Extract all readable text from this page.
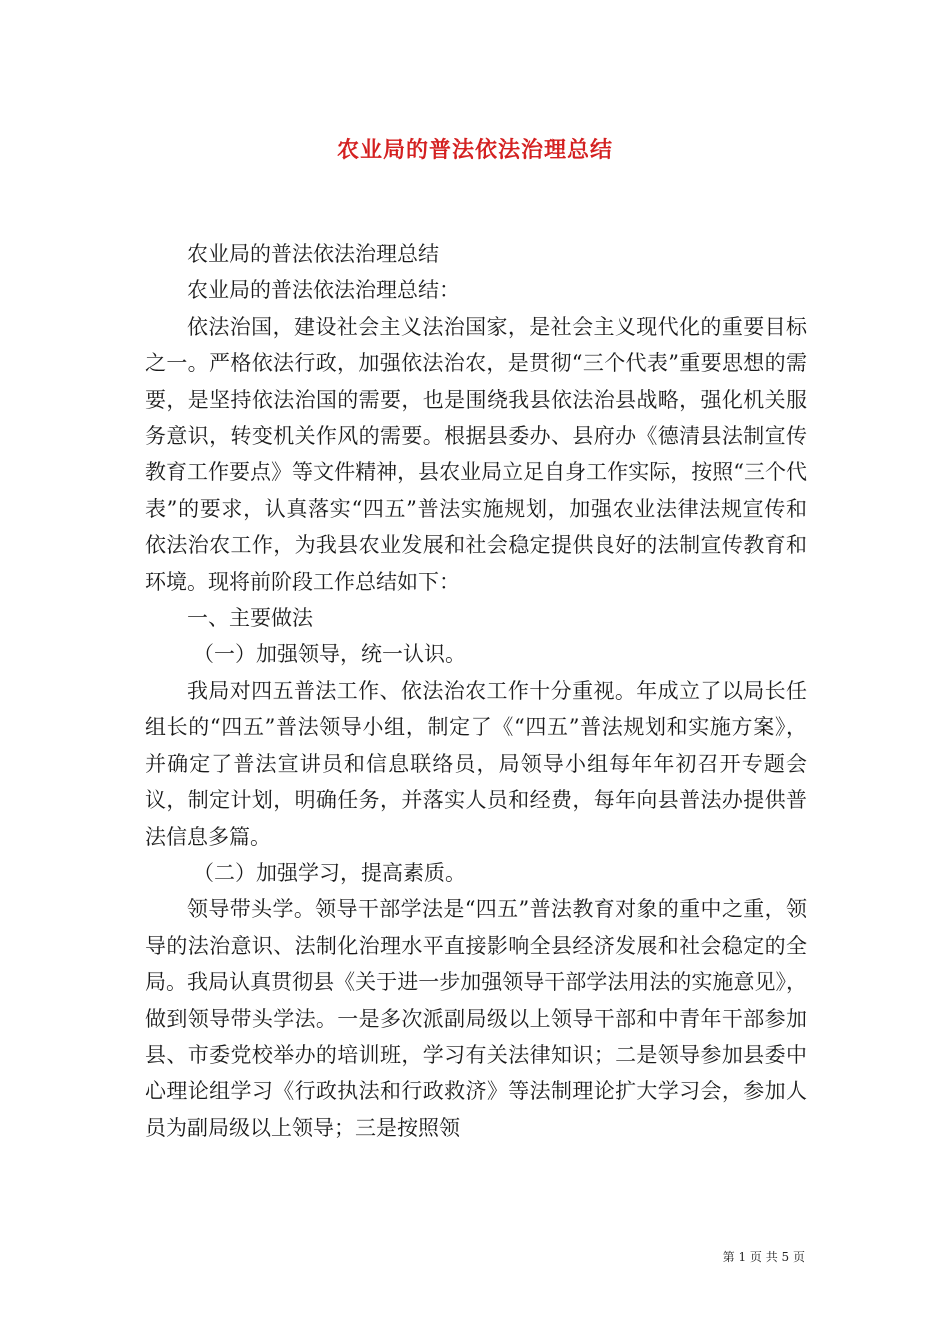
农业局的普法依法治理总结

农业局的普法依法治理总结

农业局的普法依法治理总结：

依法治国，建设社会主义法治国家，是社会主义现代化的重要目标之一。严格依法行政，加强依法治农，是贯彻“三个代表”重要思想的需要，是坚持依法治国的需要，也是围绕我县依法治县战略，强化机关服务意识，转变机关作风的需要。根据县委办、县府办《德清县法制宣传教育工作要点》等文件精神，县农业局立足自身工作实际，按照“三个代表”的要求，认真落实“四五”普法实施规划，加强农业法律法规宣传和依法治农工作，为我县农业发展和社会稳定提供良好的法制宣传教育和环境。现将前阶段工作总结如下：

一、主要做法

（一）加强领导，统一认识。

我局对四五普法工作、依法治农工作十分重视。年成立了以局长任组长的“四五”普法领导小组，制定了《“四五”普法规划和实施方案》，并确定了普法宣讲员和信息联络员，局领导小组每年年初召开专题会议，制定计划，明确任务，并落实人员和经费，每年向县普法办提供普法信息多篇。

（二）加强学习，提高素质。

领导带头学。领导干部学法是“四五”普法教育对象的重中之重，领导的法治意识、法制化治理水平直接影响全县经济发展和社会稳定的全局。我局认真贯彻县《关于进一步加强领导干部学法用法的实施意见》，做到领导带头学法。一是多次派副局级以上领导干部和中青年干部参加县、市委党校举办的培训班，学习有关法律知识；二是领导参加县委中心理论组学习《行政执法和行政救济》等法制理论扩大学习会，参加人员为副局级以上领导；三是按照领

第 1 页 共 5 页
